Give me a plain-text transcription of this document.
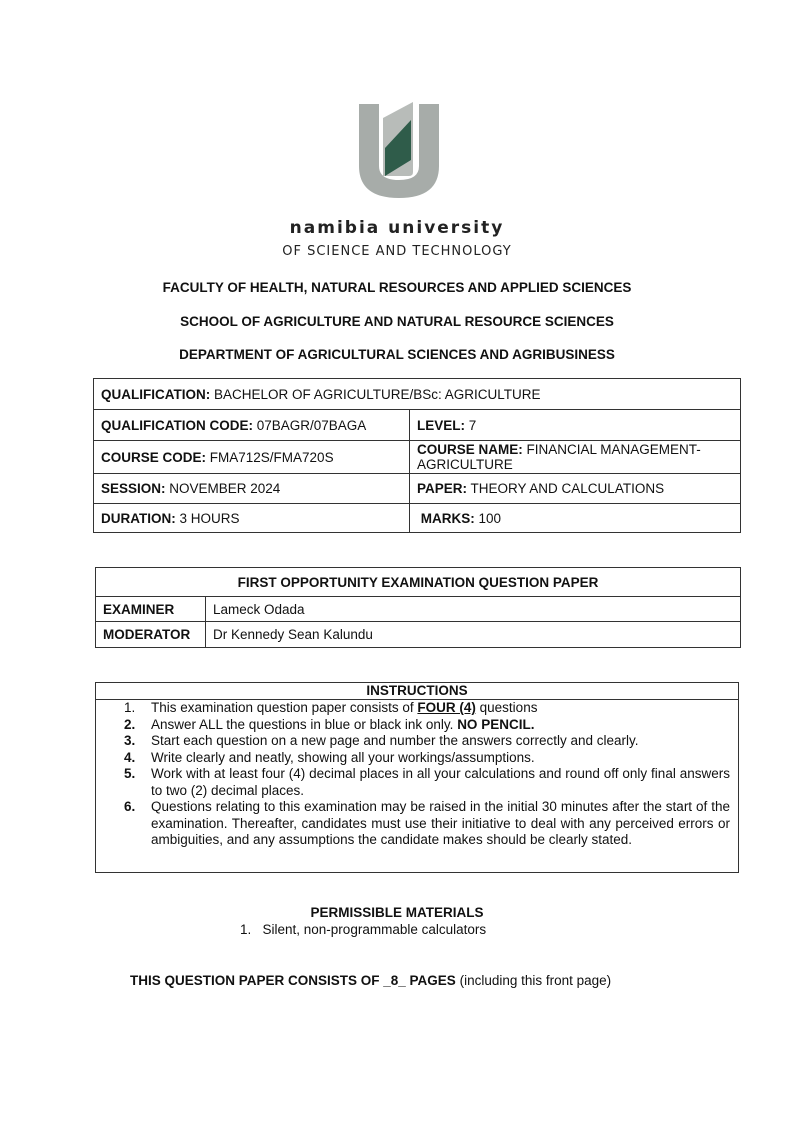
namibia university
OF SCIENCE AND TECHNOLOGY
FACULTY OF HEALTH, NATURAL RESOURCES AND APPLIED SCIENCES
SCHOOL OF AGRICULTURE AND NATURAL RESOURCE SCIENCES
DEPARTMENT OF AGRICULTURAL SCIENCES AND AGRIBUSINESS
QUALIFICATION: BACHELOR OF AGRICULTURE/BSc: AGRICULTURE	
QUALIFICATION CODE: 07BAGR/07BAGA	LEVEL: 7
COURSE CODE: FMA712S/FMA720S	COURSE NAME: FINANCIAL MANAGEMENT-AGRICULTURE
SESSION: NOVEMBER 2024	PAPER: THEORY AND CALCULATIONS
DURATION: 3 HOURS	MARKS: 100
FIRST OPPORTUNITY EXAMINATION QUESTION PAPER	
EXAMINER	Lameck Odada
MODERATOR	Dr Kennedy Sean Kalundu
INSTRUCTIONS
1. This examination question paper consists of FOUR (4) questions
2. Answer ALL the questions in blue or black ink only. NO PENCIL.
3. Start each question on a new page and number the answers correctly and clearly.
4. Write clearly and neatly, showing all your workings/assumptions.
5. Work with at least four (4) decimal places in all your calculations and round off only final answers to two (2) decimal places.
6. Questions relating to this examination may be raised in the initial 30 minutes after the start of the examination. Thereafter, candidates must use their initiative to deal with any perceived errors or ambiguities, and any assumptions the candidate makes should be clearly stated.
PERMISSIBLE MATERIALS
1.   Silent, non-programmable calculators
THIS QUESTION PAPER CONSISTS OF _8_ PAGES (including this front page)
